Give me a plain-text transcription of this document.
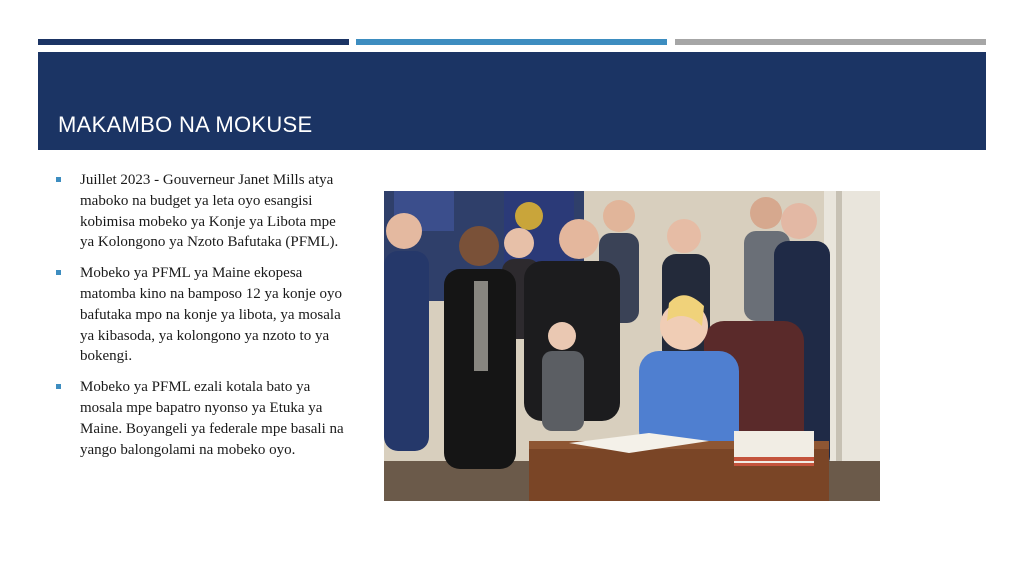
MAKAMBO NA MOKUSE
Juillet 2023 - Gouverneur Janet Mills atya maboko na budget ya leta oyo esangisi kobimisa mobeko ya Konje ya Libota mpe ya Kolongono ya Nzoto Bafutaka (PFML).
Mobeko ya PFML ya Maine ekopesa matomba kino na bamposo 12 ya konje oyo bafutaka mpo na konje ya libota, ya mosala ya kibasoda, ya kolongono ya nzoto to ya bokengi.
Mobeko ya PFML ezali kotala bato ya mosala mpe bapatro nyonso ya Etuka ya Maine. Boyangeli ya federale mpe basali na yango balongolami na mobeko oyo.
